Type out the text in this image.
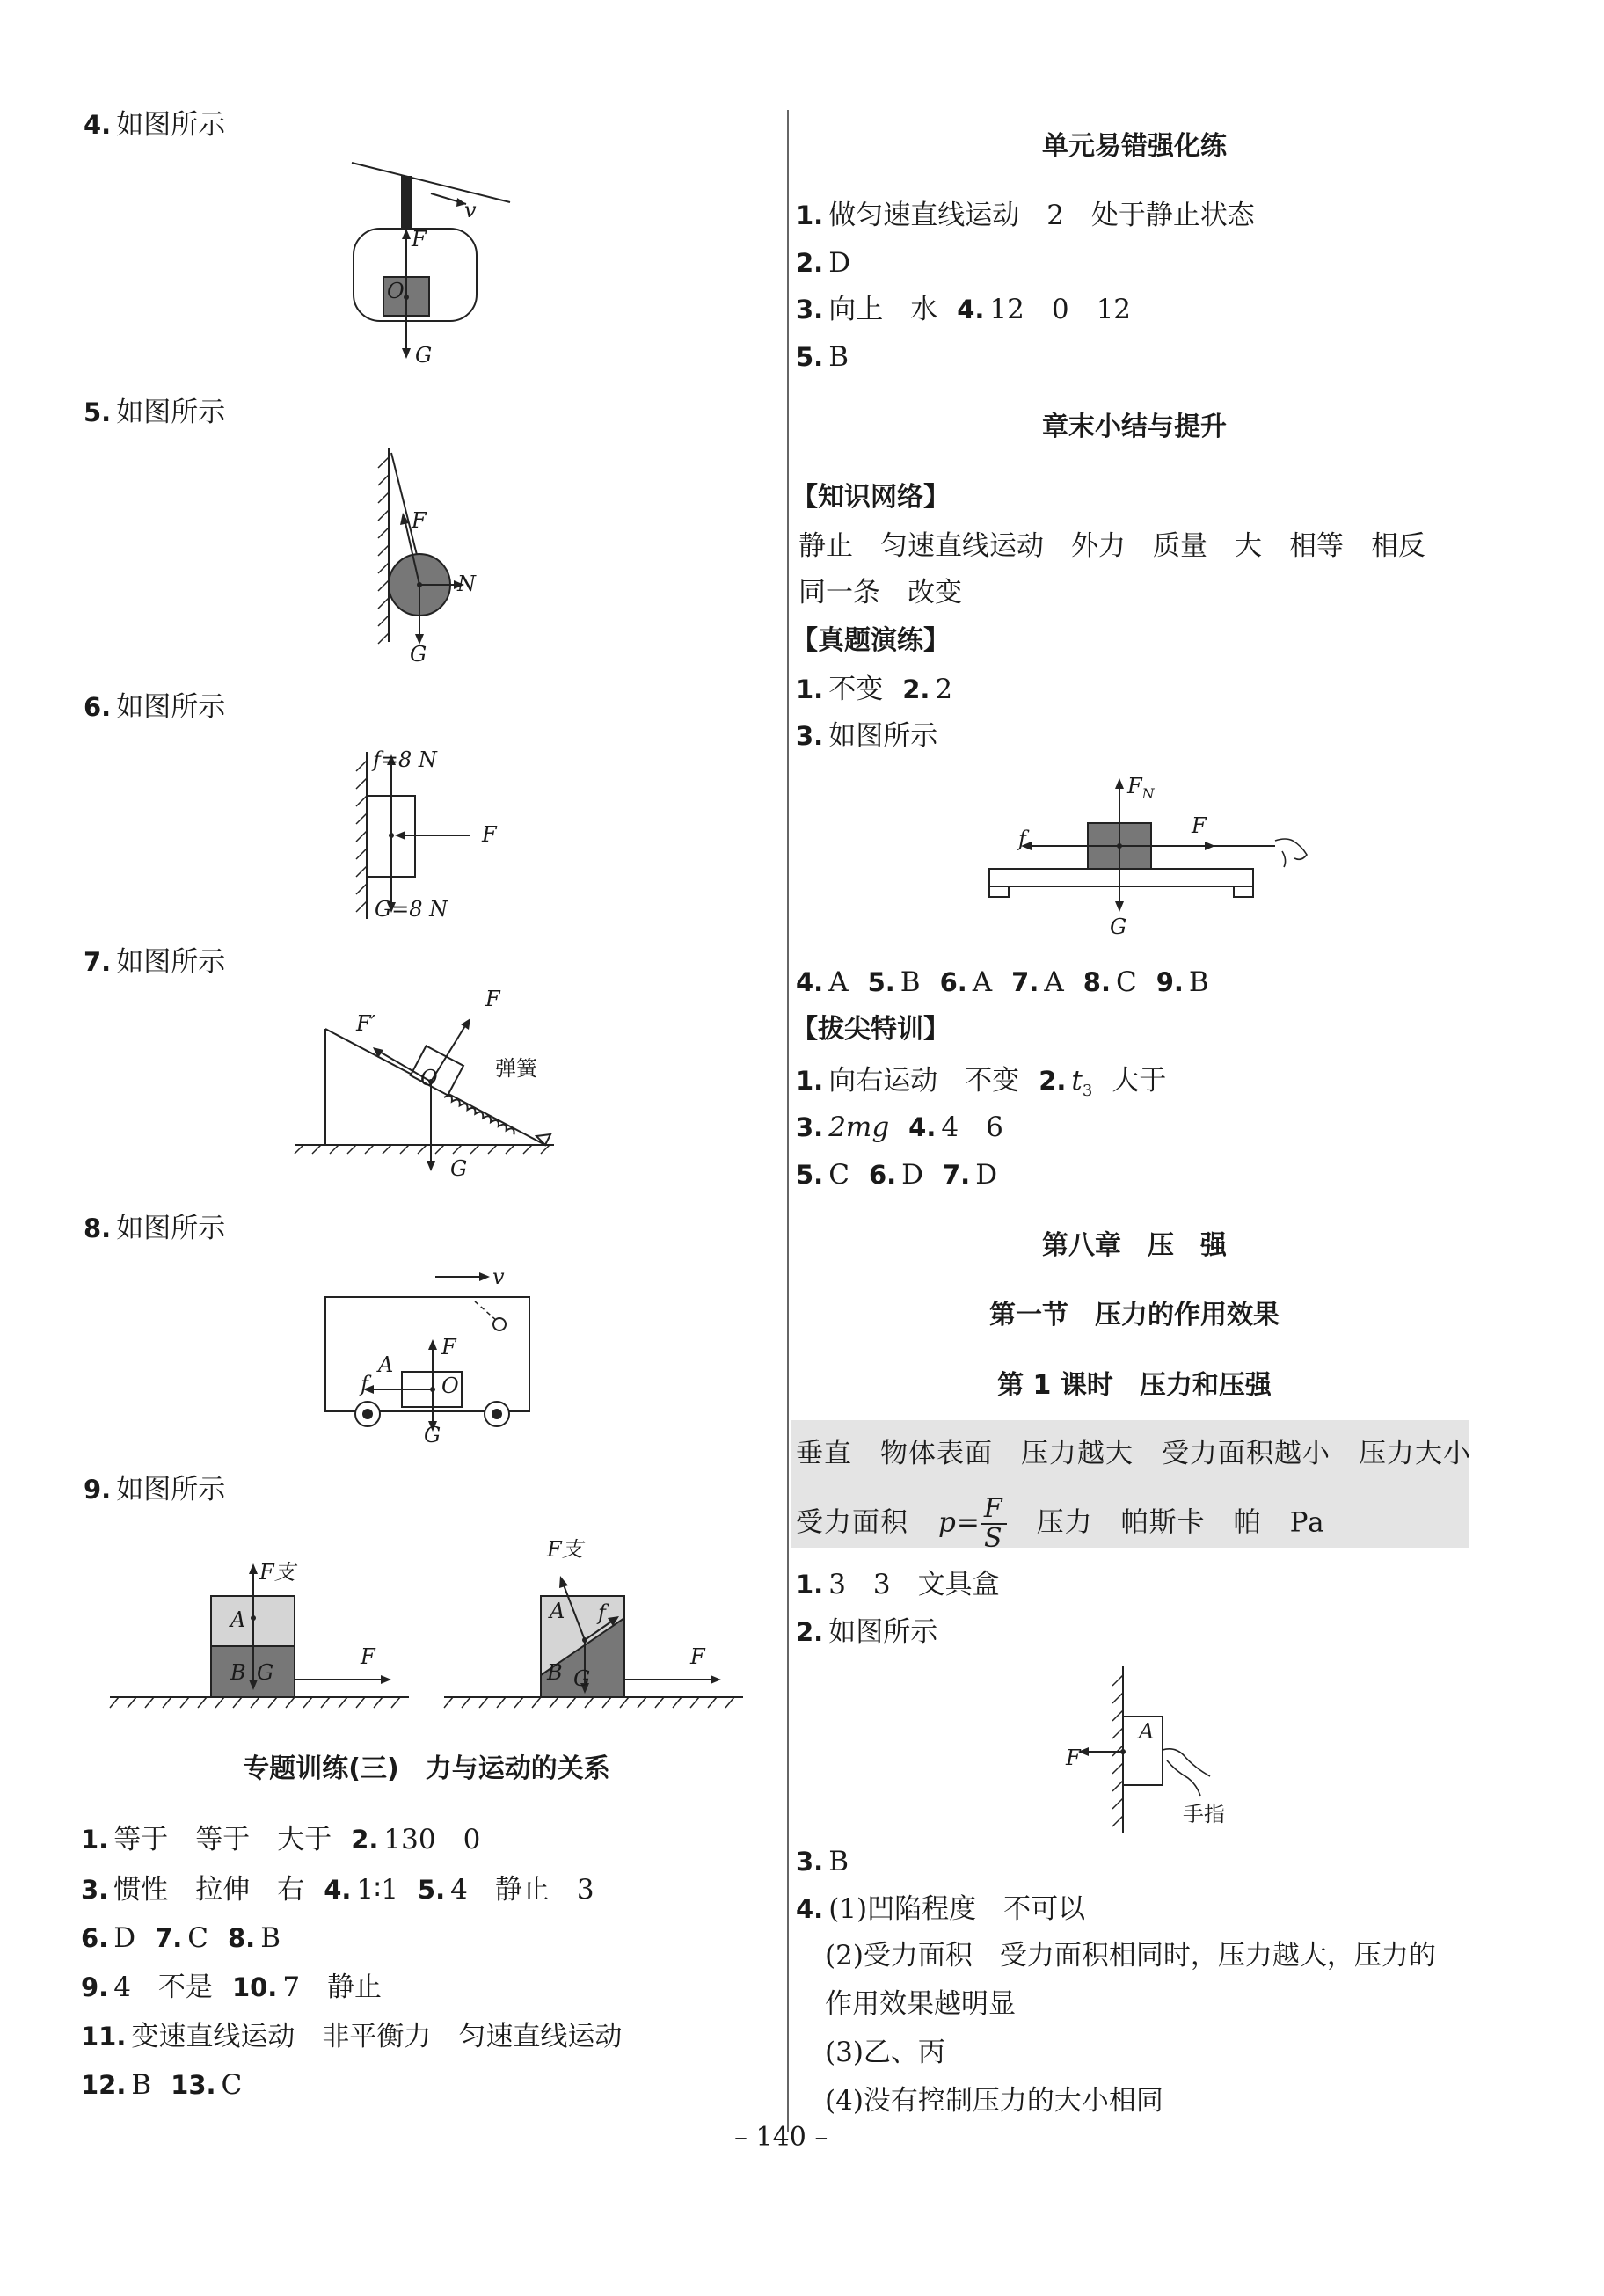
4. 如图所示
v
F
O
G
5. 如图所示
F
N
G
6. 如图所示
f=8 N
F
G=8 N
7. 如图所示
F
F′
O	弹簧
G
8. 如图所示
v
F
f
A
O
G
9. 如图所示
F支
A
B G
F
F支
A f
B G
F
专题训练(三)　力与运动的关系
1. 等于　等于　大于 2. 130　0
3. 惯性　拉伸　右 4. 1∶1 5. 4　静止　3
6. D 7. C 8. B
9. 4　不是 10. 7　静止
11. 变速直线运动　非平衡力　匀速直线运动
12. B 13. C
单元易错强化练
1. 做匀速直线运动　2　处于静止状态
2. D
3. 向上　水 4. 12　0　12
5. B
章末小结与提升
【知识网络】
静止　匀速直线运动　外力　质量　大　相等　相反
同一条　改变
【真题演练】
1. 不变 2. 2
3. 如图所示
$F_N$
f
F
G
4. A 5. B 6. A 7. A 8. C 9. B
【拔尖特训】
1. 向右运动　不变 2. $t_3$ 大于
3. 2mg 4. 4　6
5. C 6. D 7. D
第八章　压　强
第一节　压力的作用效果
第 1 课时　压力和压强
垂直　物体表面　压力越大　受力面积越小　压力大小
受力面积 $p= \frac{F}{S}$ 压力　帕斯卡　帕　Pa
1. 3　3　文具盒
2. 如图所示
F
A
手指
3. B
4. (1)凹陷程度　不可以
(2)受力面积　受力面积相同时，压力越大，压力的
作用效果越明显
(3)乙、丙
(4)没有控制压力的大小相同
– 140 –
